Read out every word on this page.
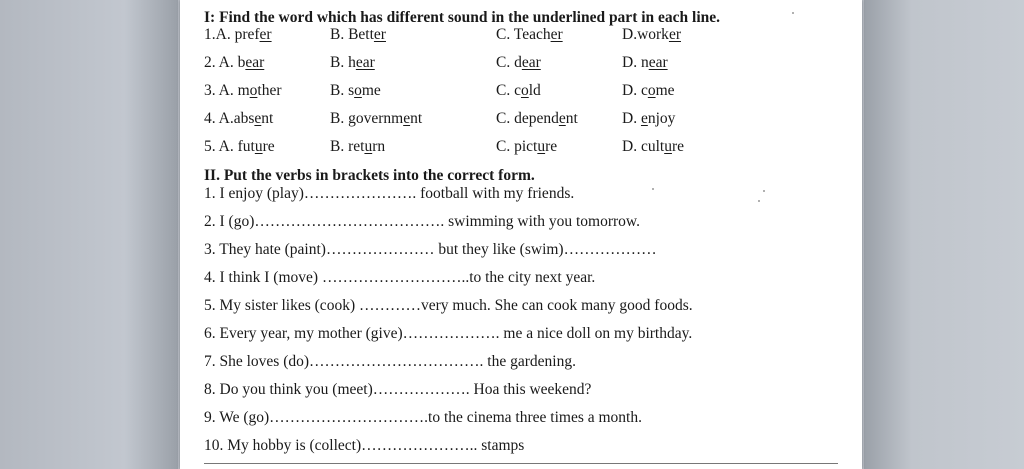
I: Find the word which has different sound in the underlined part in each line.

1.A. prefer	B. Better	C. Teacher	D.worker
2. A. bear	B. hear	C. dear	D. near
3. A. mother	B. some	C. cold	D. come
4. A.absent	B. government	C. dependent	D. enjoy
5. A. future	B. return	C. picture	D. culture

II. Put the verbs in brackets into the correct form.

1. I enjoy (play)…………………. football with my friends.
2. I (go)………………………………. swimming with you tomorrow.
3. They hate (paint)………………… but they like (swim)………………
4. I think I (move) ………………………..to the city next year.
5. My sister likes (cook) …………very much. She can cook many good foods.
6. Every year, my mother (give)………………. me a nice doll on my birthday.
7. She loves (do)……………………………. the gardening.
8. Do you think you (meet)………………. Hoa this weekend?
9. We (go)………………………….to the cinema three times a month.
10. My hobby is (collect)………………….. stamps
